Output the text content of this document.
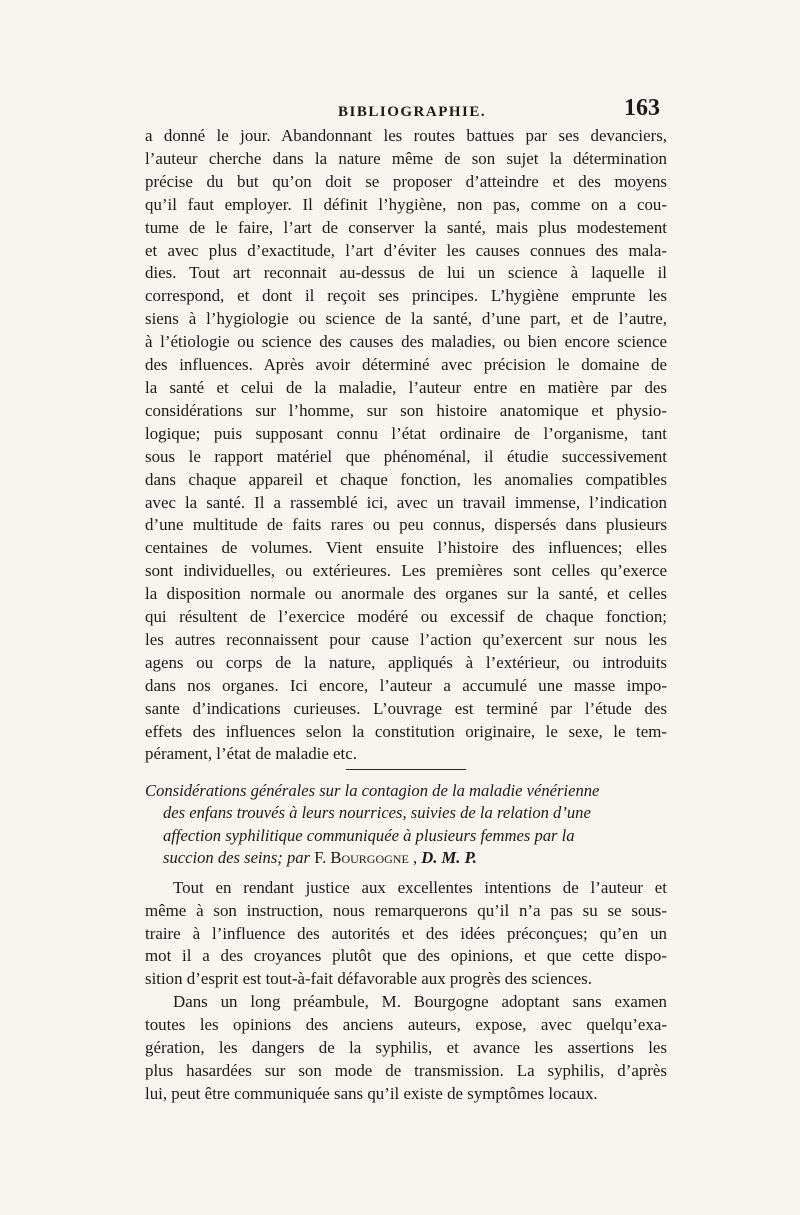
BIBLIOGRAPHIE.	163

a donné le jour. Abandonnant les routes battues par ses devanciers,
l’auteur cherche dans la nature même de son sujet la détermination
précise du but qu’on doit se proposer d’atteindre et des moyens
qu’il faut employer. Il définit l’hygiène, non pas, comme on a cou-
tume de le faire, l’art de conserver la santé, mais plus modestement
et avec plus d’exactitude, l’art d’éviter les causes connues des mala-
dies. Tout art reconnait au-dessus de lui un science à laquelle il
correspond, et dont il reçoit ses principes. L’hygiène emprunte les
siens à l’hygiologie ou science de la santé, d’une part, et de l’autre,
à l’étiologie ou science des causes des maladies, ou bien encore science
des influences. Après avoir déterminé avec précision le domaine de
la santé et celui de la maladie, l’auteur entre en matière par des
considérations sur l’homme, sur son histoire anatomique et physio-
logique; puis supposant connu l’état ordinaire de l’organisme, tant
sous le rapport matériel que phénoménal, il étudie successivement
dans chaque appareil et chaque fonction, les anomalies compatibles
avec la santé. Il a rassemblé ici, avec un travail immense, l’indication
d’une multitude de faits rares ou peu connus, dispersés dans plusieurs
centaines de volumes. Vient ensuite l’histoire des influences; elles
sont individuelles, ou extérieures. Les premières sont celles qu’exerce
la disposition normale ou anormale des organes sur la santé, et celles
qui résultent de l’exercice modéré ou excessif de chaque fonction;
les autres reconnaissent pour cause l’action qu’exercent sur nous les
agens ou corps de la nature, appliqués à l’extérieur, ou introduits
dans nos organes. Ici encore, l’auteur a accumulé une masse impo-
sante d’indications curieuses. L’ouvrage est terminé par l’étude des
effets des influences selon la constitution originaire, le sexe, le tem-
pérament, l’état de maladie etc.

Considérations générales sur la contagion de la maladie vénérienne
des enfans trouvés à leurs nourrices, suivies de la relation d’une
affection syphilitique communiquée à plusieurs femmes par la
succion des seins; par F. Bourgogne , D. M. P.

Tout en rendant justice aux excellentes intentions de l’auteur et
même à son instruction, nous remarquerons qu’il n’a pas su se sous-
traire à l’influence des autorités et des idées préconçues; qu’en un
mot il a des croyances plutôt que des opinions, et que cette dispo-
sition d’esprit est tout-à-fait défavorable aux progrès des sciences.

Dans un long préambule, M. Bourgogne adoptant sans examen
toutes les opinions des anciens auteurs, expose, avec quelqu’exa-
gération, les dangers de la syphilis, et avance les assertions les
plus hasardées sur son mode de transmission. La syphilis, d’après
lui, peut être communiquée sans qu’il existe de symptômes locaux.
